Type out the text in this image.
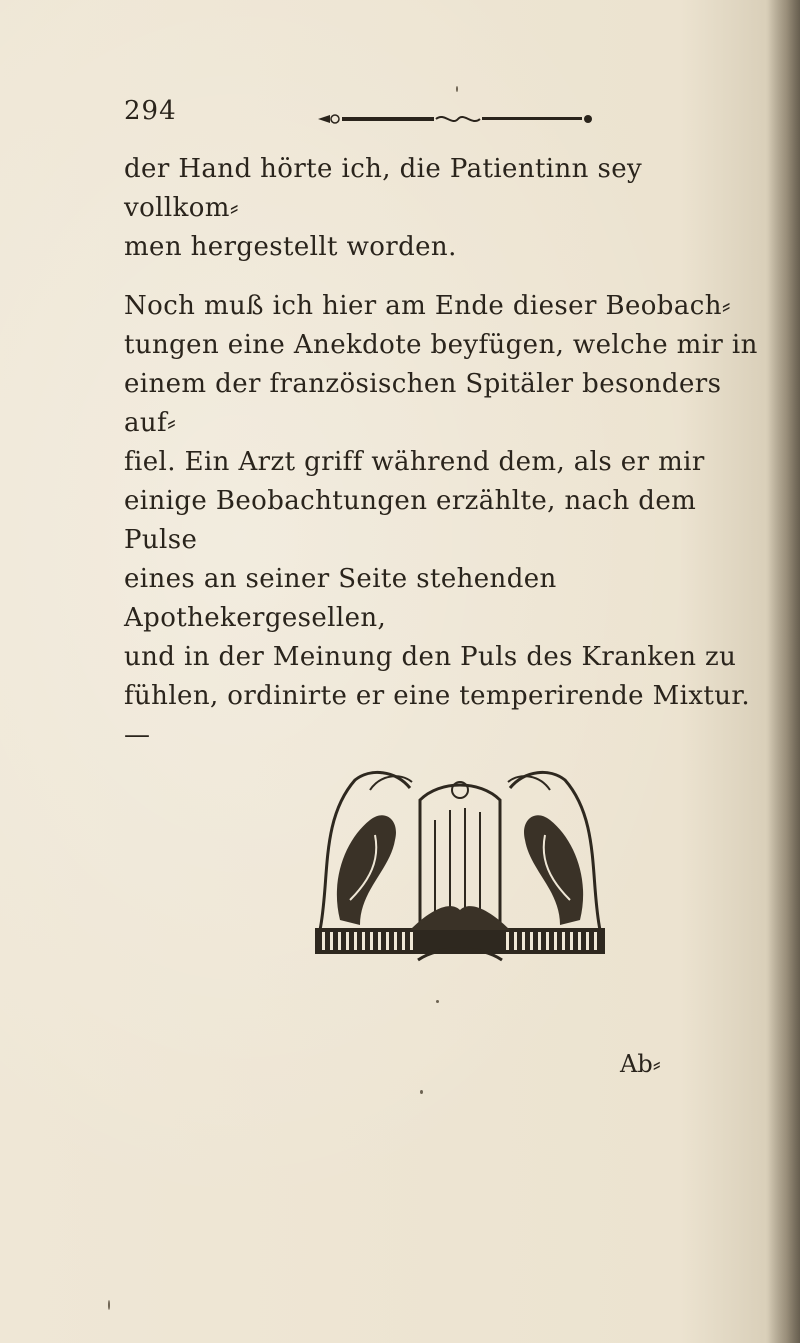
294

der Hand hörte ich, die Patientinn sey vollkom⸗
men hergestellt worden.

Noch muß ich hier am Ende dieser Beobach⸗
tungen eine Anekdote beyfügen, welche mir in
einem der französischen Spitäler besonders auf⸗
fiel. Ein Arzt griff während dem, als er mir
einige Beobachtungen erzählte, nach dem Pulse
eines an seiner Seite stehenden Apothekergesellen,
und in der Meinung den Puls des Kranken zu
fühlen, ordinirte er eine temperirende Mixtur.—

Ab⸗
